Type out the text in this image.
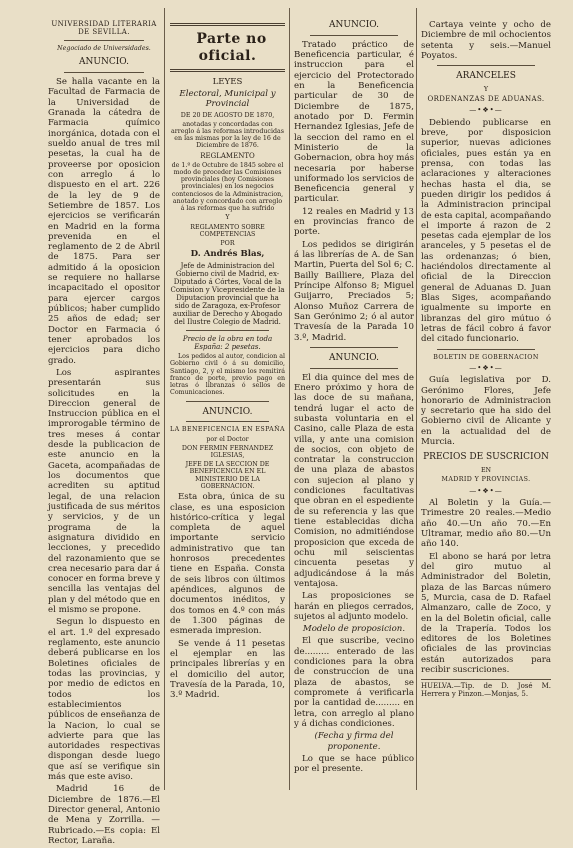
UNIVERSIDAD LITERARIA DE SEVILLA.

Negociado de Universidades.

ANUNCIO.

Se halla vacante en la Facultad de Farmacia de la Universidad de Granada la cátedra de Farmacia químico inorgánica, dotada con el sueldo anual de tres mil pesetas, la cual ha de proveerse por oposicion con arreglo á lo dispuesto en el art. 226 de la ley de 9 de Setiembre de 1857. Los ejercicios se verificarán en Madrid en la forma prevenida en el reglamento de 2 de Abril de 1875. Para ser admitido á la oposicion se requiere no hallarse incapacitado el opositor para ejercer cargos públicos; haber cumplido 25 años de edad; ser Doctor en Farmacia ó tener aprobados los ejercicios para dicho grado.

Los aspirantes presentarán sus solicitudes en la Direccion general de Instruccion pública en el improrogable término de tres meses á contar desde la publicacion de este anuncio en la Gaceta, acompañadas de los documentos que acrediten su aptitud legal, de una relacion justificada de sus méritos y servicios, y de un programa de la asignatura dividido en lecciones, y precedido del razonamiento que se crea necesario para dar á conocer en forma breve y sencilla las ventajas del plan y del método que en el mismo se propone.

Segun lo dispuesto en el art. 1.º del expresado reglamento, este anuncio deberá publicarse en los Boletines oficiales de todas las provincias, y por medio de edictos en todos los establecimientos públicos de enseñanza de la Nacion, lo cual se advierte para que las autoridades respectivas dispongan desde luego que así se verifique sin más que este aviso.

Madrid 16 de Diciembre de 1876.—El Director general, Antonio de Mena y Zorrilla. —Rubricado.—Es copia: El Rector, Laraña.

Parte no oficial.

LEYES

Electoral, Municipal y Provincial

DE 20 DE AGOSTO DE 1870,

anotadas y concordadas con arreglo á las reformas introducidas en las mismas por la ley de 16 de Diciembre de 1876.

REGLAMENTO

de 1.º de Octubre de 1845 sobre el modo de proceder las Comisiones provinciales (hoy Comisiones provinciales) en los negocios contenciosos de la Administracion, anotado y concordado con arreglo á las reformas que ha sufrido

Y

REGLAMENTO SOBRE COMPETENCIAS

POR

D. Andrés Blas,

Jefe de Administracion del Gobierno civil de Madrid, ex-Diputado á Córtes, Vocal de la Comision y Vicepresidente de la Diputacion provincial que ha sido de Zaragoza, ex-Profesor auxiliar de Derecho y Abogado del Ilustre Colegio de Madrid.

Precio de la obra en toda España: 2 pesetas.

Los pedidos al autor, condicion al Gobierno civil ó á su domicilio, Santiago, 2, y el mismo los remitirá franco de porte, previo pago en letras ó libranzas ó sellos de Comunicaciones.

ANUNCIO.

LA BENEFICENCIA EN ESPAÑA

por el Doctor

DON FERMIN FERNANDEZ IGLESIAS,

JEFE DE LA SECCION DE BENEFICENCIA EN EL MINISTERIO DE LA GOBERNACION.

Esta obra, única de su clase, es una esposicion histórico-crítica y legal completa de aquel importante servicio administrativo que tan honrosos precedentes tiene en España. Consta de seis libros con últimos apéndices, algunos de documentos inéditos, y dos tomos en 4.º con más de 1.300 páginas de esmerada impresion.

Se vende á 11 pesetas el ejemplar en las principales librerías y en el domicilio del autor, Travesía de la Parada, 10, 3.º Madrid.

ANUNCIO.

Tratado práctico de Beneficencia particular, é instruccion para el ejercicio del Protectorado en la Beneficencia particular de 30 de Diciembre de 1875, anotado por D. Fermin Hernandez Iglesias, Jefe de la seccion del ramo en el Ministerio de la Gobernacion, obra hoy más necesaria por haberse uniformado los servicios de Beneficencia general y particular.

12 reales en Madrid y 13 en provincias franco de porte.

Los pedidos se dirigirán á las librerías de A. de San Martin, Puerta del Sol 6; C. Bailly Bailliere, Plaza del Príncipe Alfonso 8; Miguel Guijarro, Preciados 5; Alonso Muñoz Carrera de San Gerónimo 2; ó al autor Travesía de la Parada 10 3.º, Madrid.

ANUNCIO.

El dia quince del mes de Enero próximo y hora de las doce de su mañana, tendrá lugar el acto de subasta voluntaria en el Casino, calle Plaza de esta villa, y ante una comision de socios, con objeto de contratar la construccion de una plaza de abastos con sujecion al plano y condiciones facultativas que obran en el espediente de su referencia y las que tiene establecidas dicha Comision, no admitiéndose proposicion que exceda de ochu mil seiscientas cincuenta pesetas y adjudicándose á la más ventajosa.

Las proposiciones se harán en pliegos cerrados, sujetos al adjunto modelo.

Modelo de proposicion.

El que suscribe, vecino de......... enterado de las condiciones para la obra de construccion de una plaza de abastos, se compromete á verificarla por la cantidad de......... en letra, con arreglo al plano y á dichas condiciones.

(Fecha y firma del proponente.

Lo que se hace público por el presente.

Cartaya veinte y ocho de Diciembre de mil ochocientos setenta y seis.—Manuel Poyatos.

ARANCELES

Y

ORDENANZAS DE ADUANAS.

—•❖•—

Debiendo publicarse en breve, por disposicion superior, nuevas adiciones oficiales, pues están ya en prensa, con todas las aclaraciones y alteraciones hechas hasta el dia, se pueden dirigir los pedidos á la Administracion principal de esta capital, acompañando el importe á razon de 2 pesetas cada ejemplar de los aranceles, y 5 pesetas el de las ordenanzas; ó bien, haciéndolos directamente al oficial de la Direccion general de Aduanas D. Juan Blas Siges, acompañando igualmente su importe en libranzas del giro mútuo ó letras de fácil cobro á favor del citado funcionario.

BOLETIN DE GOBERNACION

—•❖•—

Guía legislativa por D. Gerónimo Flores, Jefe honorario de Administracion y secretario que ha sido del Gobierno civil de Alicante y en la actualidad del de Murcia.

PRECIOS DE SUSCRICION

EN

MADRID Y PROVINCIAS.

—•❖•—

Al Boletin y la Guía.—Trimestre 20 reales.—Medio año 40.—Un año 70.—En Ultramar, medio año 80.—Un año 140.

El abono se hará por letra del giro mutuo al Administrador del Boletin, plaza de las Barcas número 5, Murcia, casa de D. Rafael Almanzaro, calle de Zoco, y en la del Boletin oficial, calle de la Trapería. Todos los editores de los Boletines oficiales de las provincias están autorizados para recibir suscriciones.

HUELVA.—Tip. de D. José M. Herrera y Pinzon.—Monjas, 5.
